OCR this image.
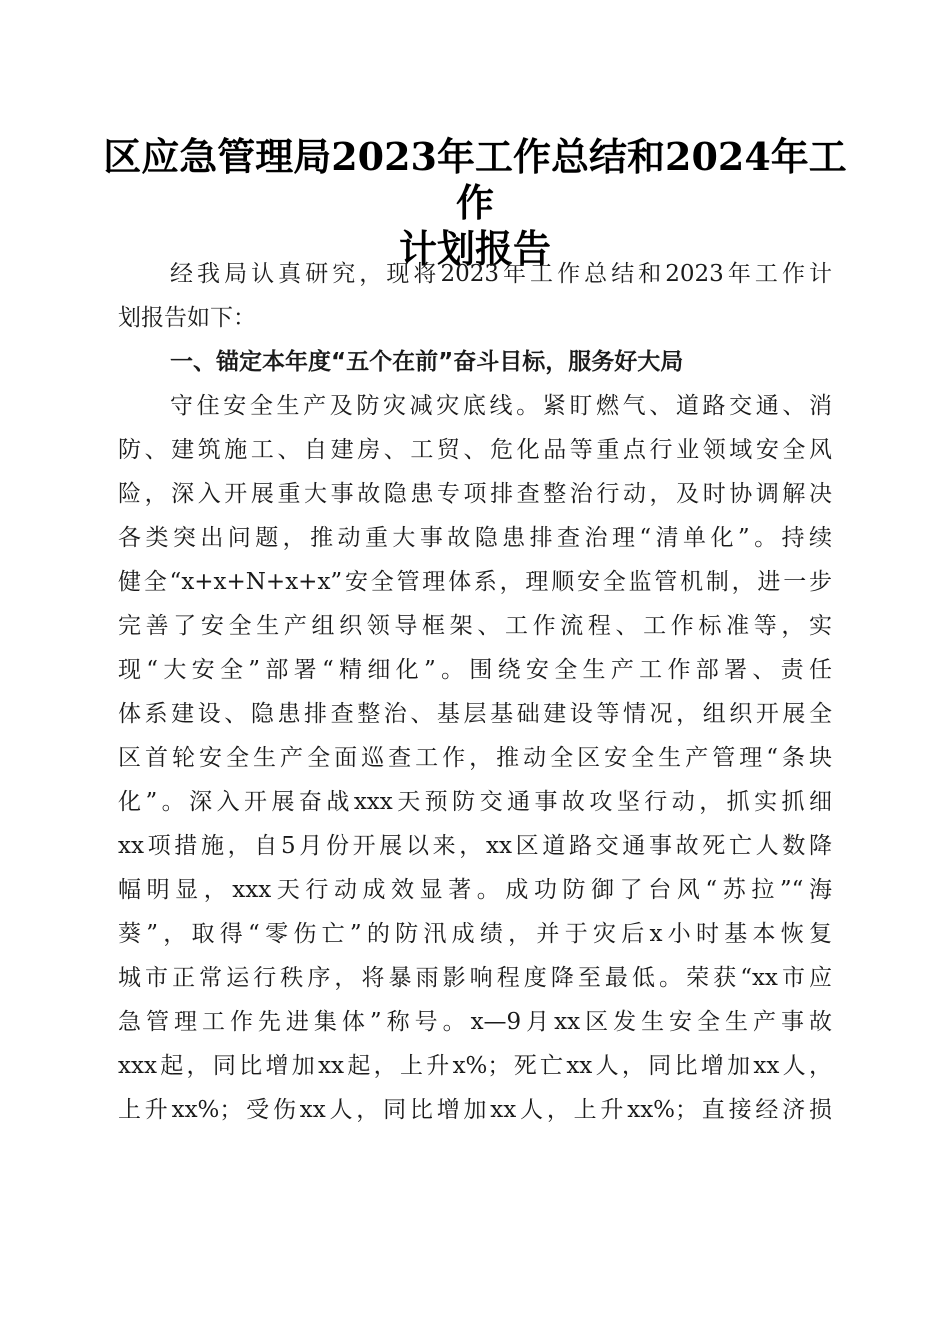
区应急管理局2023年工作总结和2024年工作
计划报告
经我局认真研究，现将2023年工作总结和2023年工作计
划报告如下：
一、锚定本年度“五个在前”奋斗目标，服务好大局
守住安全生产及防灾减灾底线。紧盯燃气、道路交通、消
防、建筑施工、自建房、工贸、危化品等重点行业领域安全风
险，深入开展重大事故隐患专项排查整治行动，及时协调解决
各类突出问题，推动重大事故隐患排查治理“清单化”。持续
健全“x+x+N+x+x”安全管理体系，理顺安全监管机制，进一步
完善了安全生产组织领导框架、工作流程、工作标准等，实
现“大安全”部署“精细化”。围绕安全生产工作部署、责任
体系建设、隐患排查整治、基层基础建设等情况，组织开展全
区首轮安全生产全面巡查工作，推动全区安全生产管理“条块
化”。深入开展奋战xxx天预防交通事故攻坚行动，抓实抓细
xx项措施，自5月份开展以来，xx区道路交通事故死亡人数降
幅明显，xxx天行动成效显著。成功防御了台风“苏拉”“海
葵”，取得“零伤亡”的防汛成绩，并于灾后x小时基本恢复
城市正常运行秩序，将暴雨影响程度降至最低。荣获“xx市应
急管理工作先进集体”称号。x—9月xx区发生安全生产事故
xxx起，同比增加xx起，上升x%；死亡xx人，同比增加xx人，
上升xx%；受伤xx人，同比增加xx人，上升xx%；直接经济损
